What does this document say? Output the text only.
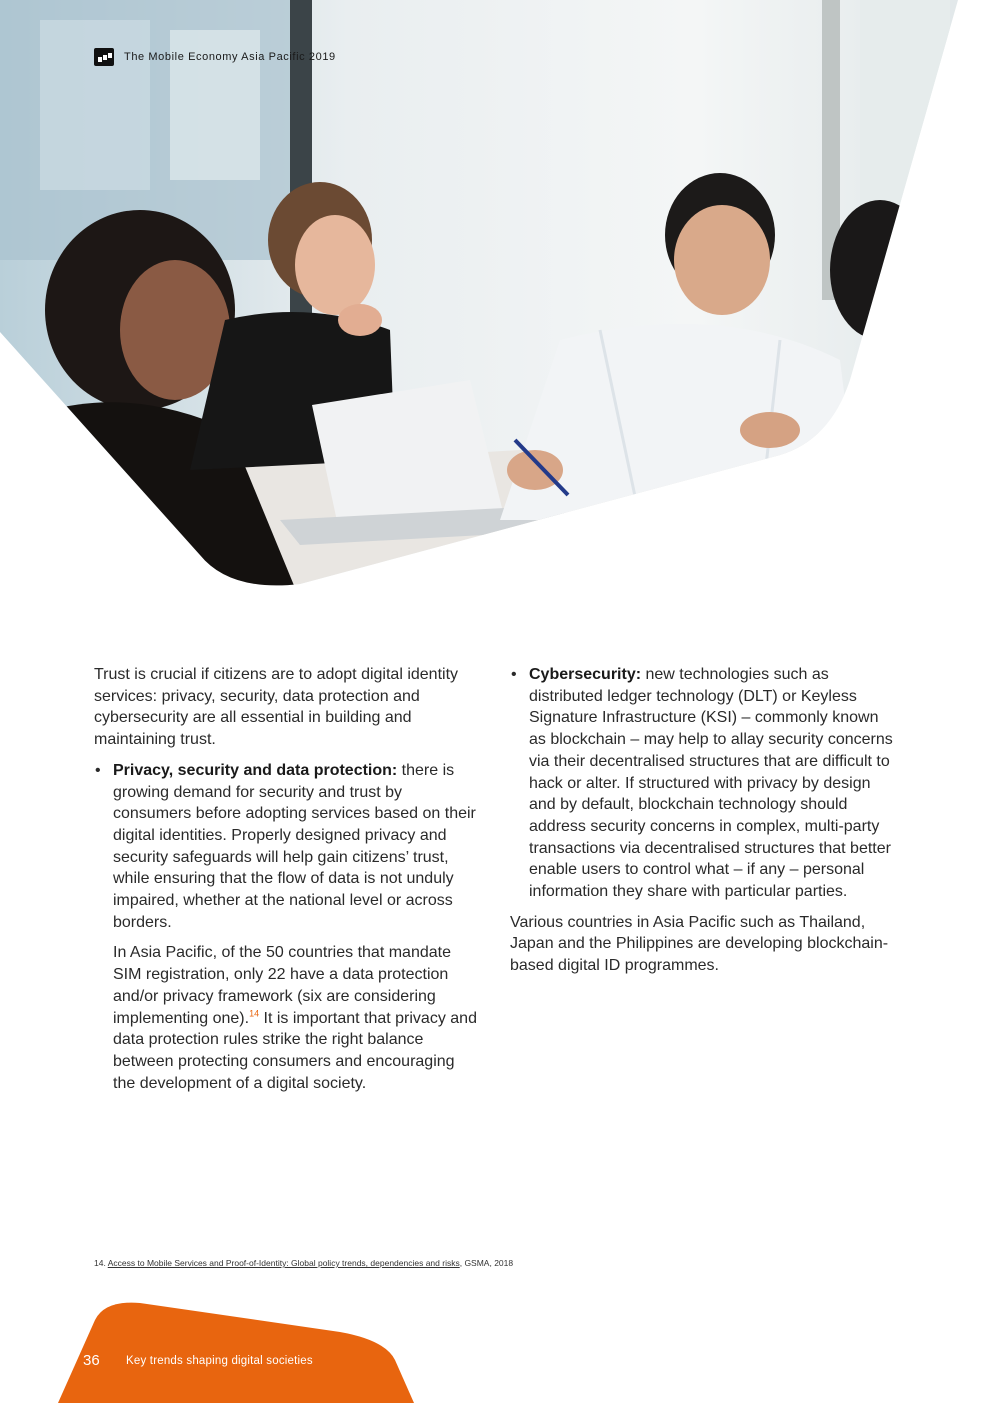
The Mobile Economy Asia Pacific 2019

Trust is crucial if citizens are to adopt digital identity services: privacy, security, data protection and cybersecurity are all essential in building and maintaining trust.

• Privacy, security and data protection: there is growing demand for security and trust by consumers before adopting services based on their digital identities. Properly designed privacy and security safeguards will help gain citizens’ trust, while ensuring that the flow of data is not unduly impaired, whether at the national level or across borders.

In Asia Pacific, of the 50 countries that mandate SIM registration, only 22 have a data protection and/or privacy framework (six are considering implementing one).$^{14}$ It is important that privacy and data protection rules strike the right balance between protecting consumers and encouraging the development of a digital society.

• Cybersecurity: new technologies such as distributed ledger technology (DLT) or Keyless Signature Infrastructure (KSI) – commonly known as blockchain – may help to allay security concerns via their decentralised structures that are difficult to hack or alter. If structured with privacy by design and by default, blockchain technology should address security concerns in complex, multi-party transactions via decentralised structures that better enable users to control what – if any – personal information they share with particular parties.

Various countries in Asia Pacific such as Thailand, Japan and the Philippines are developing blockchain-based digital ID programmes.

14. Access to Mobile Services and Proof-of-Identity: Global policy trends, dependencies and risks, GSMA, 2018
36 Key trends shaping digital societies
